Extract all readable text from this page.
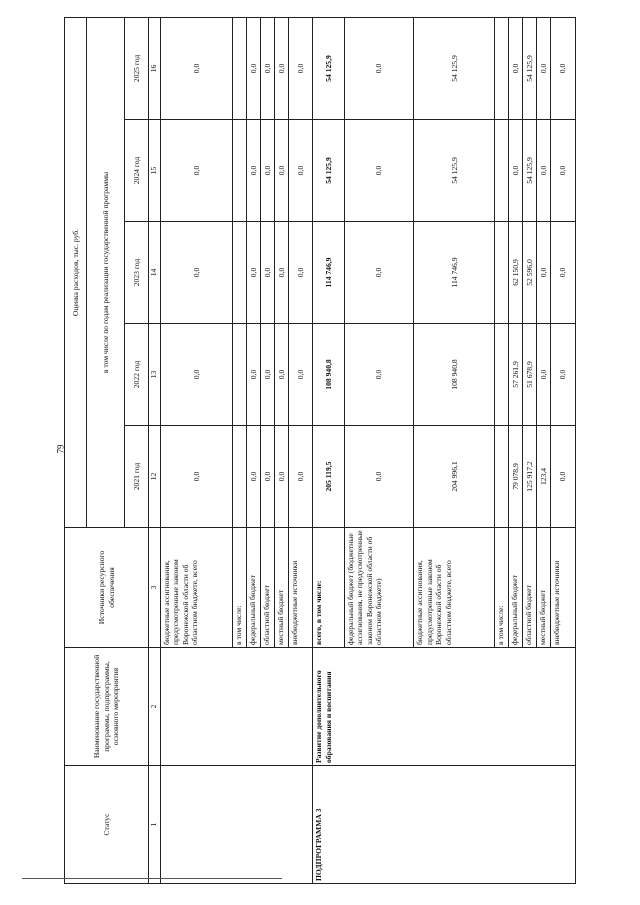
79
Статус	Наименование государственной программы, подпрограммы, основного мероприятия	Источники ресурсного обеспечения	Оценка расходов, тыс. руб.				
			в том числе по годам реализации государственной программы				
			2021 год	2022 год	2023 год	2024 год	2025 год
1	2	3	12	13	14	15	16
		бюджетные ассигнования, предусмотренные законом Воронежской области об областном бюджете, всего	0,0	0,0	0,0	0,0	0,0
		в том числе:					
		федеральный бюджет	0,0	0,0	0,0	0,0	0,0
		областной бюджет	0,0	0,0	0,0	0,0	0,0
		местный бюджет	0,0	0,0	0,0	0,0	0,0
		внебюджетные источники	0,0	0,0	0,0	0,0	0,0
ПОДПРОГРАММА 3	Развитие дополнительного образования и воспитания	всего, в том числе:	205 119,5	108 940,8	114 746,9	54 125,9	54 125,9
		федеральный бюджет (бюджетные ассигнования, не предусмотренные законом Воронежской области об областном бюджете)	0,0	0,0	0,0	0,0	0,0
		бюджетные ассигнования, предусмотренные законом Воронежской области об областном бюджете, всего	204 996,1	108 940,8	114 746,9	54 125,9	54 125,9
		в том числе:					
		федеральный бюджет	79 078,9	57 261,9	62 150,9	0,0	0,0
		областной бюджет	125 917,2	51 678,9	52 596,0	54 125,9	54 125,9
		местный бюджет	123,4	0,0	0,0	0,0	0,0
		внебюджетные источники	0,0	0,0	0,0	0,0	0,0
